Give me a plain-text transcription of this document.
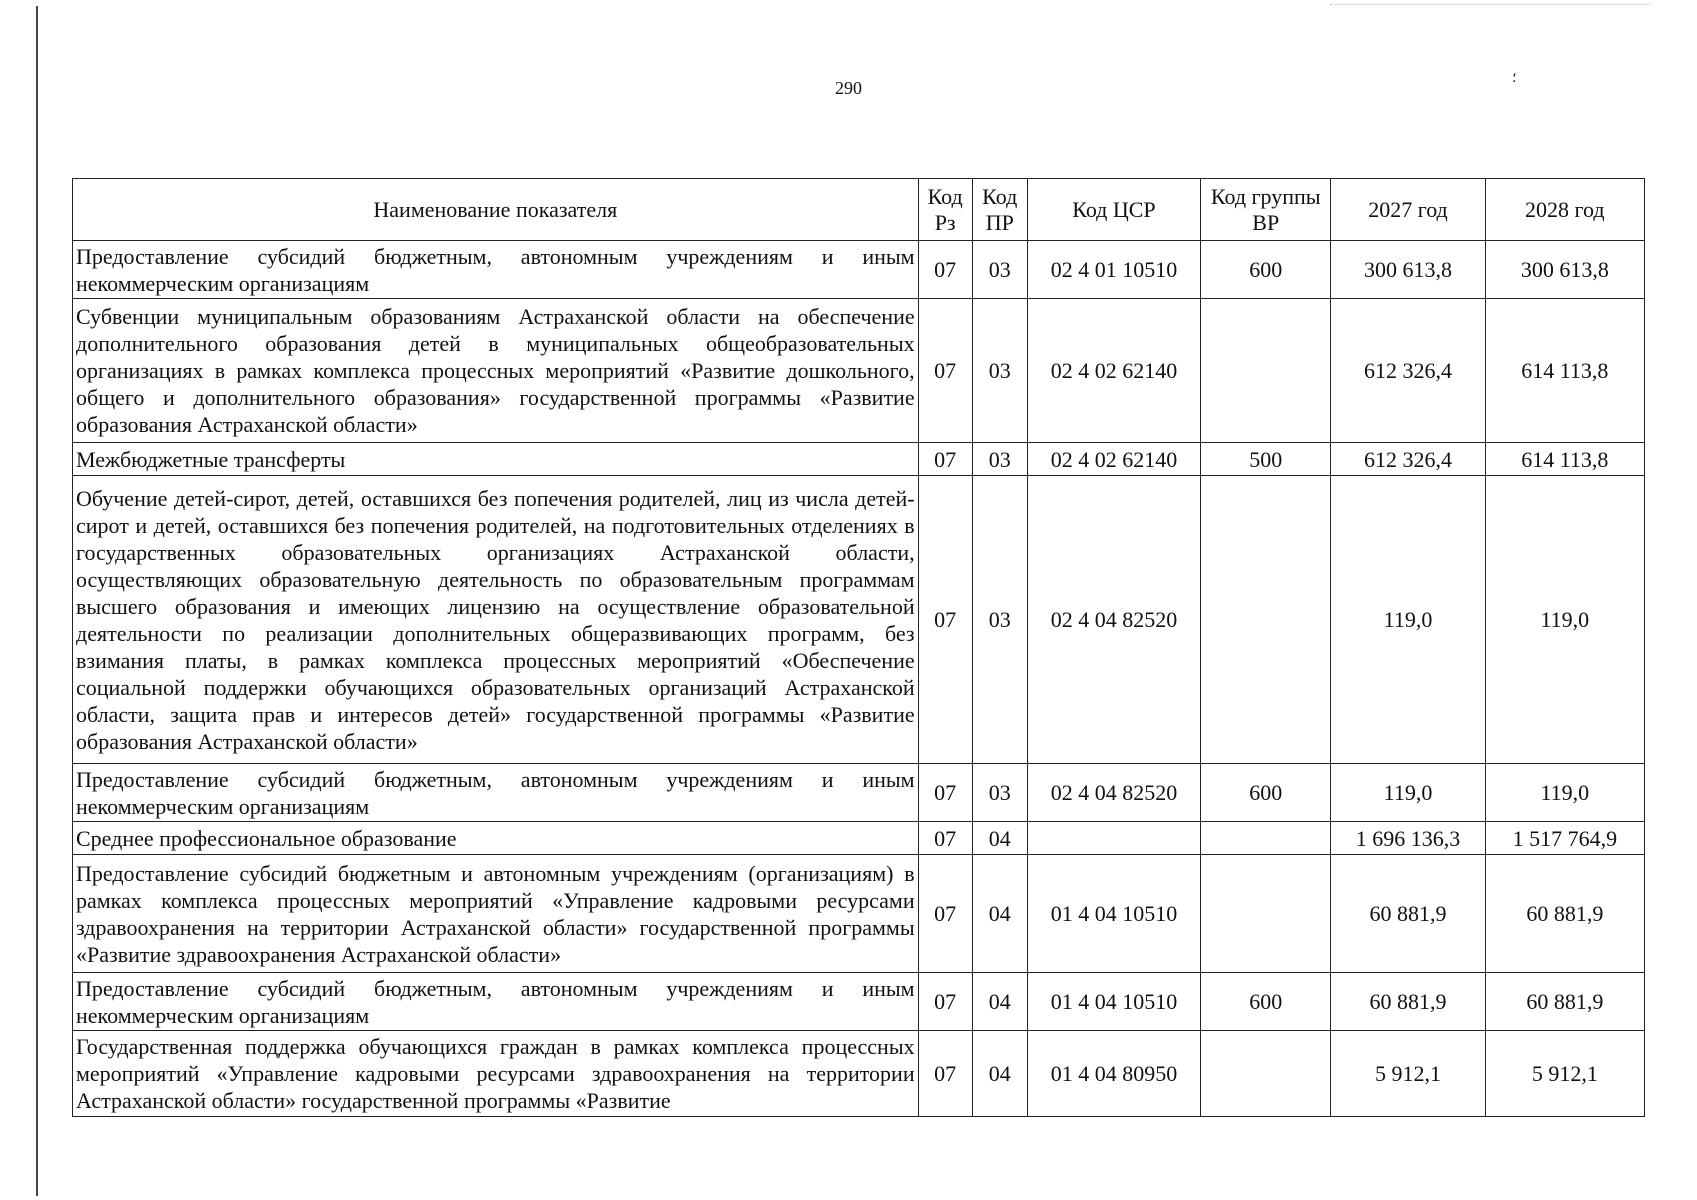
290	؛
Наименование показателя	Код Рз	Код ПР	Код ЦСР	Код группы ВР	2027 год	2028 год
Предоставление субсидий бюджетным, автономным учреждениям и иным некоммерческим организациям	07	03	02 4 01 10510	600	300 613,8	300 613,8
Субвенции муниципальным образованиям Астраханской области на обеспечение дополнительного образования детей в муниципальных общеобразовательных организациях в рамках комплекса процессных мероприятий «Развитие дошкольного, общего и дополнительного образования» государственной программы «Развитие образования Астраханской области»	07	03	02 4 02 62140		612 326,4	614 113,8
Межбюджетные трансферты	07	03	02 4 02 62140	500	612 326,4	614 113,8
Обучение детей-сирот, детей, оставшихся без попечения родителей, лиц из числа детей-сирот и детей, оставшихся без попечения родителей, на подготовительных отделениях в государственных образовательных организациях Астраханской области, осуществляющих образовательную деятельность по образовательным программам высшего образования и имеющих лицензию на осуществление образовательной деятельности по реализации дополнительных общеразвивающих программ, без взимания платы, в рамках комплекса процессных мероприятий «Обеспечение социальной поддержки обучающихся образовательных организаций Астраханской области, защита прав и интересов детей» государственной программы «Развитие образования Астраханской области»	07	03	02 4 04 82520		119,0	119,0
Предоставление субсидий бюджетным, автономным учреждениям и иным некоммерческим организациям	07	03	02 4 04 82520	600	119,0	119,0
Среднее профессиональное образование	07	04			1 696 136,3	1 517 764,9
Предоставление субсидий бюджетным и автономным учреждениям (организациям) в рамках комплекса процессных мероприятий «Управление кадровыми ресурсами здравоохранения на территории Астраханской области» государственной программы «Развитие здравоохранения Астраханской области»	07	04	01 4 04 10510		60 881,9	60 881,9
Предоставление субсидий бюджетным, автономным учреждениям и иным некоммерческим организациям	07	04	01 4 04 10510	600	60 881,9	60 881,9
Государственная поддержка обучающихся граждан в рамках комплекса процессных мероприятий «Управление кадровыми ресурсами здравоохранения на территории Астраханской области» государственной программы «Развитие	07	04	01 4 04 80950		5 912,1	5 912,1
